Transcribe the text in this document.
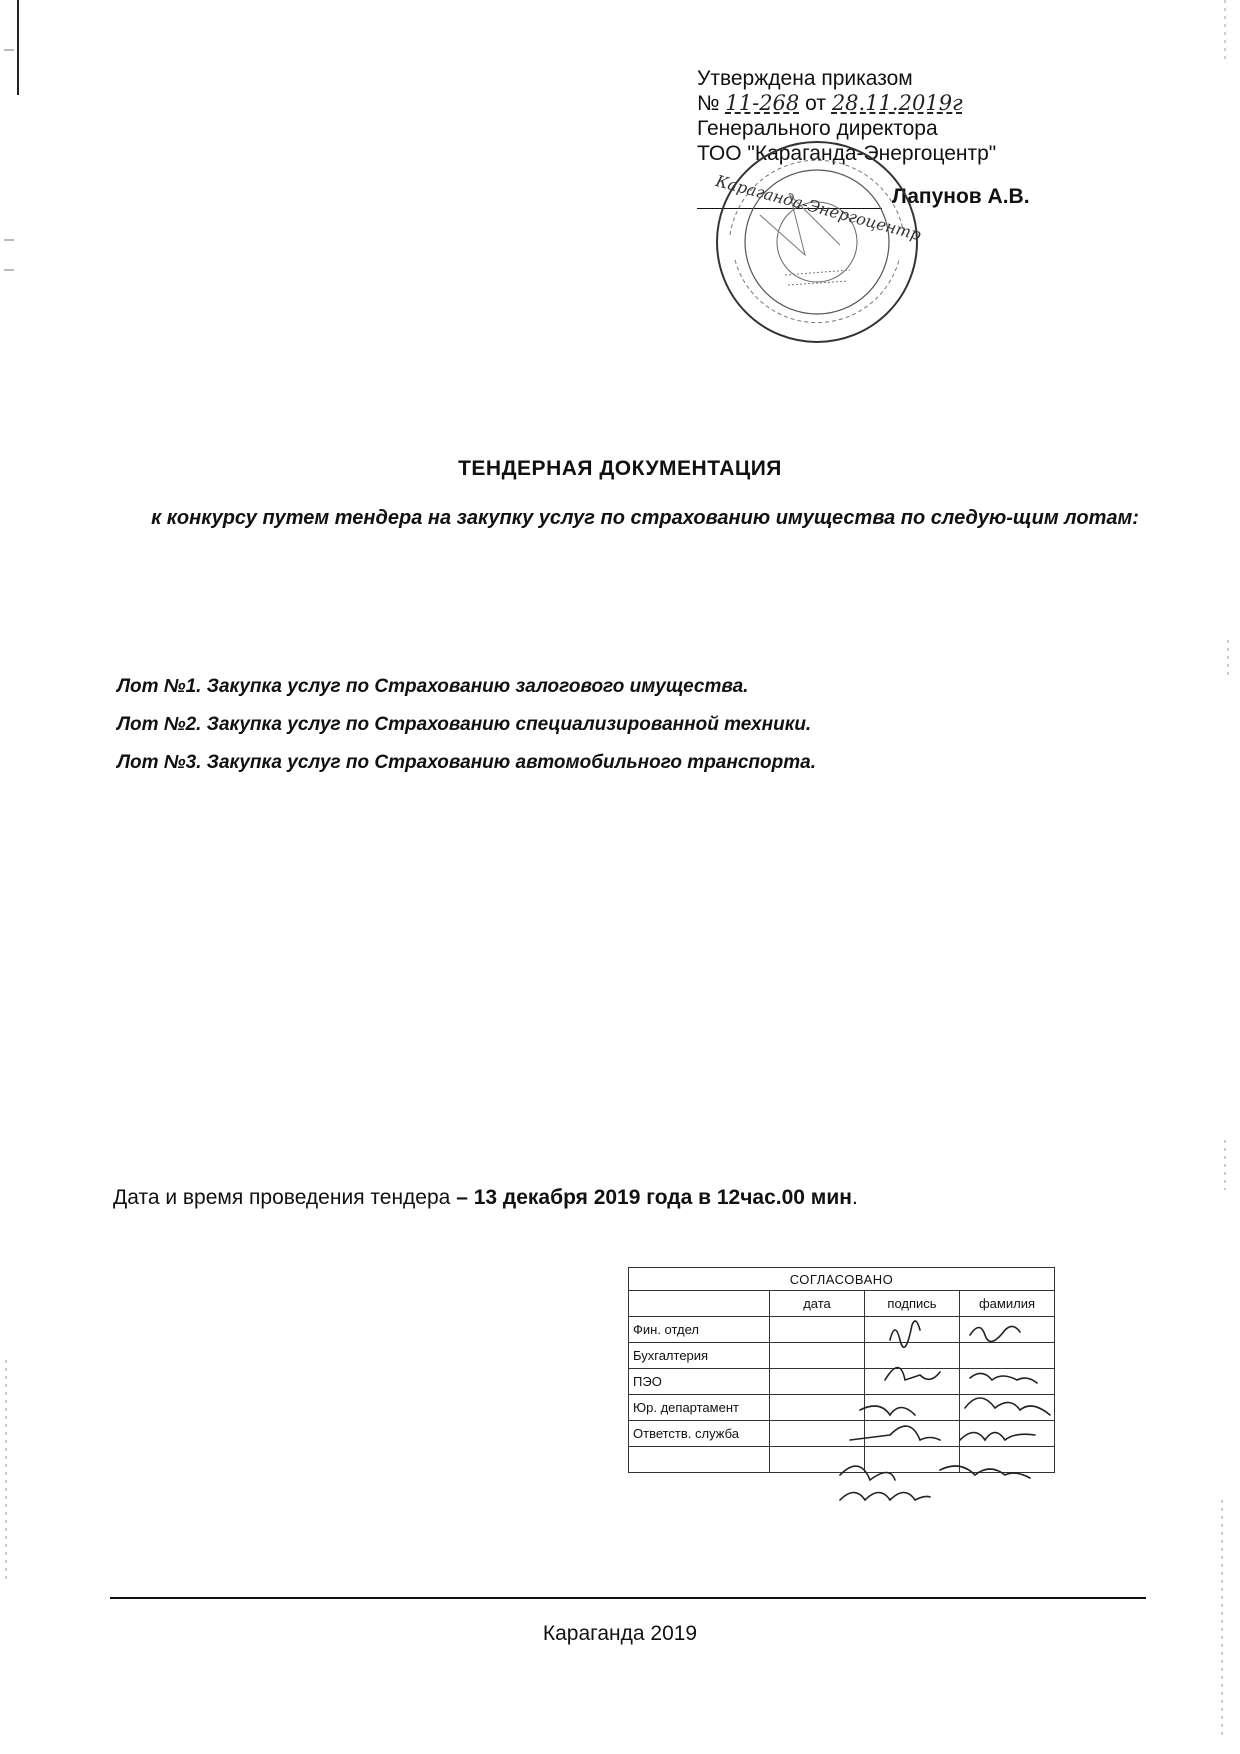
Утверждена приказом
№ 11-268 от 28.11.2019г
Генерального директора
ТОО "Караганда-Энергоцентр"
Лапунов А.В.
Караганда-Энергоцентр
ТЕНДЕРНАЯ ДОКУМЕНТАЦИЯ
к конкурсу путем тендера на закупку услуг по страхованию имущества по следую-щим лотам:
Лот №1. Закупка услуг по Страхованию залогового имущества.
Лот №2. Закупка услуг по Страхованию специализированной техники.
Лот №3. Закупка услуг по Страхованию автомобильного транспорта.
Дата и время проведения тендера – 13 декабря 2019 года в 12час.00 мин.
СОГЛАСОВАНО			
	дата	подпись	фамилия
Фин. отдел			
Бухгалтерия			
ПЭО			
Юр. департамент			
Ответств. служба			

Караганда 2019
